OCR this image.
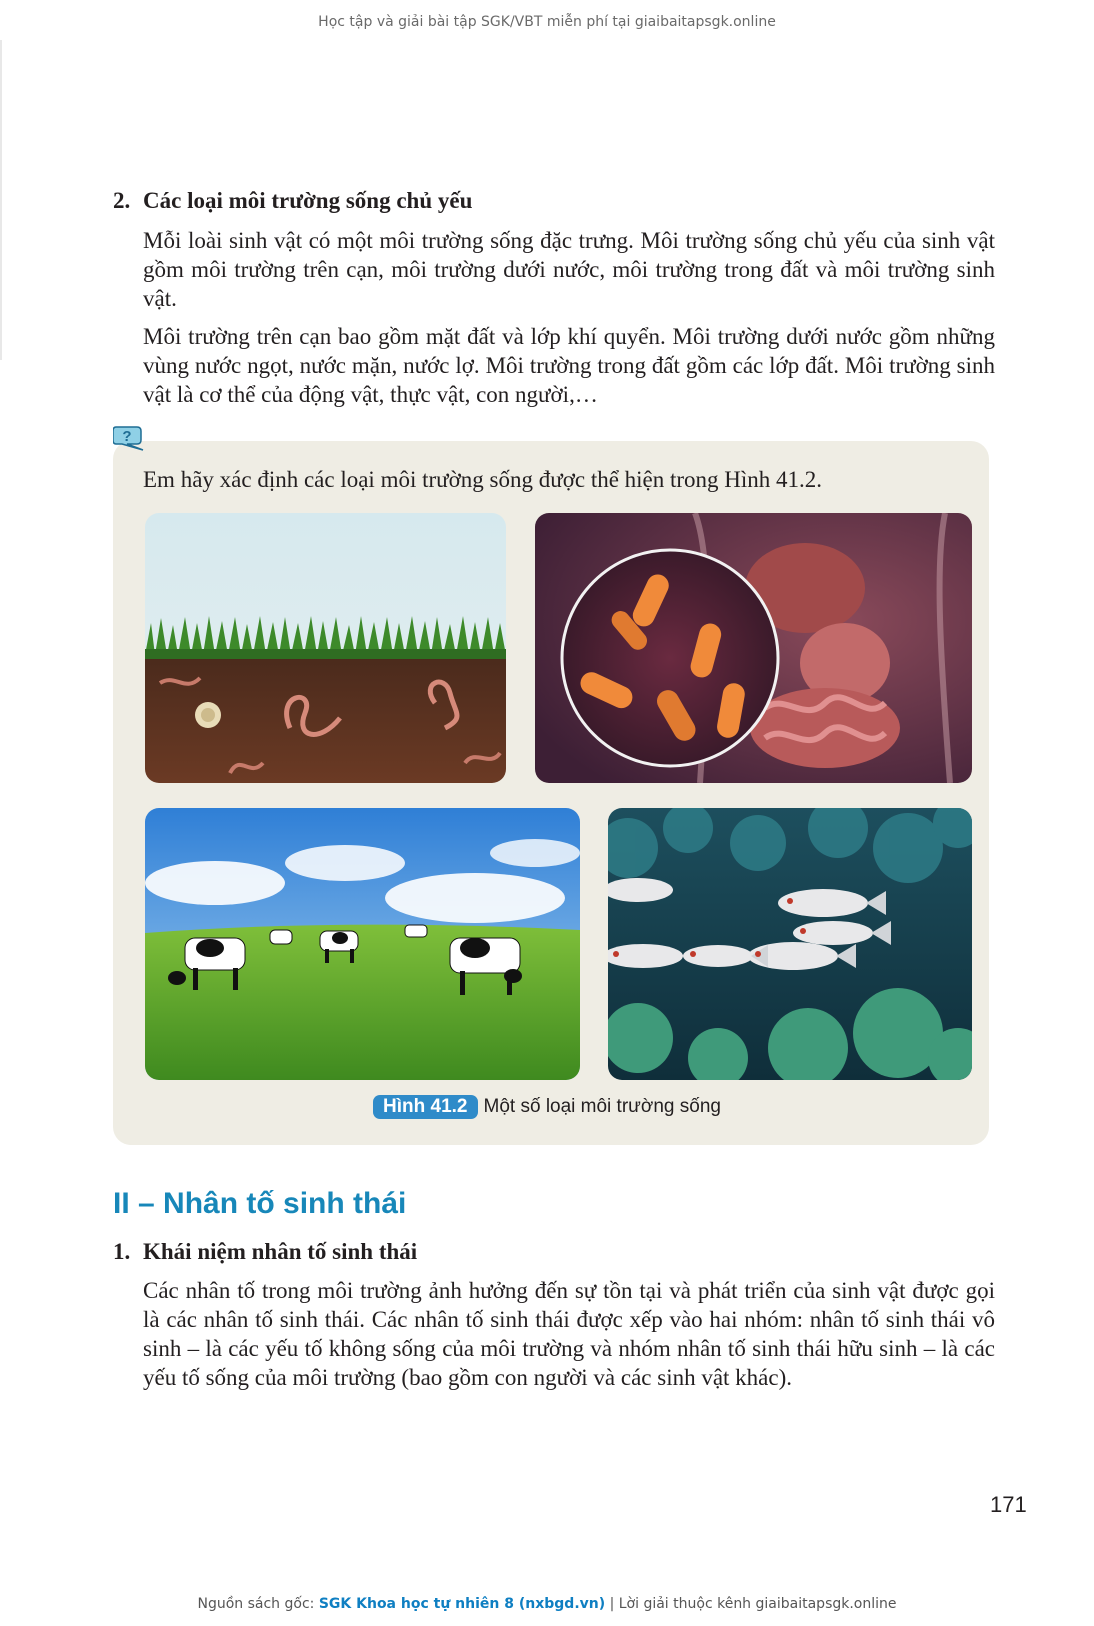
Học tập và giải bài tập SGK/VBT miễn phí tại giaibaitapsgk.online
2. Các loại môi trường sống chủ yếu
Mỗi loài sinh vật có một môi trường sống đặc trưng. Môi trường sống chủ yếu của sinh vật gồm môi trường trên cạn, môi trường dưới nước, môi trường trong đất và môi trường sinh vật.
Môi trường trên cạn bao gồm mặt đất và lớp khí quyển. Môi trường dưới nước gồm những vùng nước ngọt, nước mặn, nước lợ. Môi trường trong đất gồm các lớp đất. Môi trường sinh vật là cơ thể của động vật, thực vật, con người,…
?
Em hãy xác định các loại môi trường sống được thể hiện trong Hình 41.2.
Hình 41.2 Một số loại môi trường sống
II – Nhân tố sinh thái
1. Khái niệm nhân tố sinh thái
Các nhân tố trong môi trường ảnh hưởng đến sự tồn tại và phát triển của sinh vật được gọi là các nhân tố sinh thái. Các nhân tố sinh thái được xếp vào hai nhóm: nhân tố sinh thái vô sinh – là các yếu tố không sống của môi trường và nhóm nhân tố sinh thái hữu sinh – là các yếu tố sống của môi trường (bao gồm con người và các sinh vật khác).
171
Nguồn sách gốc: SGK Khoa học tự nhiên 8 (nxbgd.vn) | Lời giải thuộc kênh giaibaitapsgk.online
